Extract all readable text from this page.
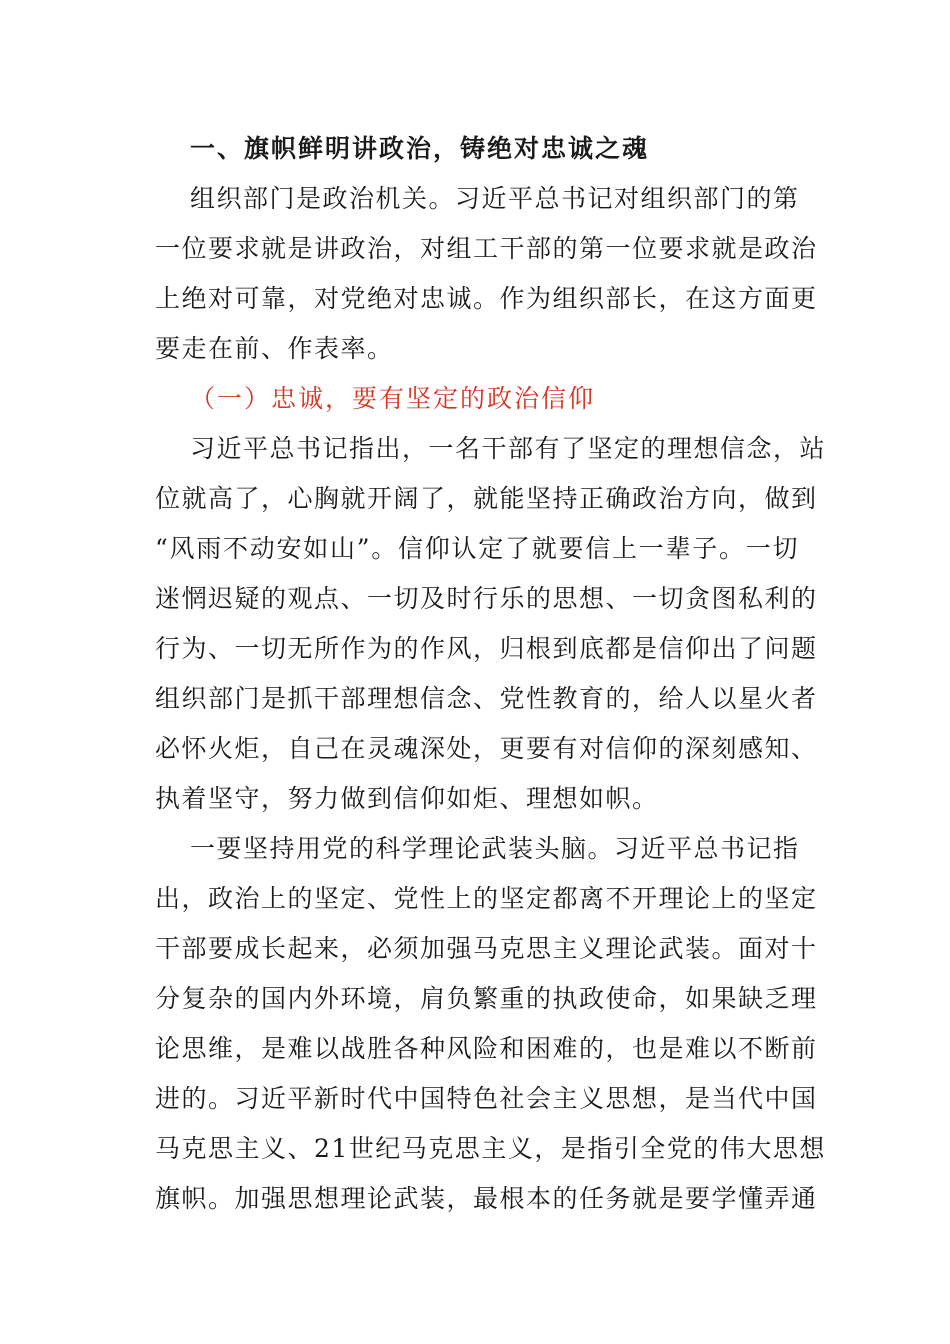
一、旗帜鲜明讲政治，铸绝对忠诚之魂
组织部门是政治机关。习近平总书记对组织部门的第
一位要求就是讲政治，对组工干部的第一位要求就是政治
上绝对可靠，对党绝对忠诚。作为组织部长，在这方面更
要走在前、作表率。
（一）忠诚，要有坚定的政治信仰
习近平总书记指出，一名干部有了坚定的理想信念，站
位就高了，心胸就开阔了，就能坚持正确政治方向，做到
“风雨不动安如山”。信仰认定了就要信上一辈子。一切
迷惘迟疑的观点、一切及时行乐的思想、一切贪图私利的
行为、一切无所作为的作风，归根到底都是信仰出了问题
组织部门是抓干部理想信念、党性教育的，给人以星火者
必怀火炬，自己在灵魂深处，更要有对信仰的深刻感知、
执着坚守，努力做到信仰如炬、理想如帜。
一要坚持用党的科学理论武装头脑。习近平总书记指
出，政治上的坚定、党性上的坚定都离不开理论上的坚定
干部要成长起来，必须加强马克思主义理论武装。面对十
分复杂的国内外环境，肩负繁重的执政使命，如果缺乏理
论思维，是难以战胜各种风险和困难的，也是难以不断前
进的。习近平新时代中国特色社会主义思想，是当代中国
马克思主义、21世纪马克思主义，是指引全党的伟大思想
旗帜。加强思想理论武装，最根本的任务就是要学懂弄通
